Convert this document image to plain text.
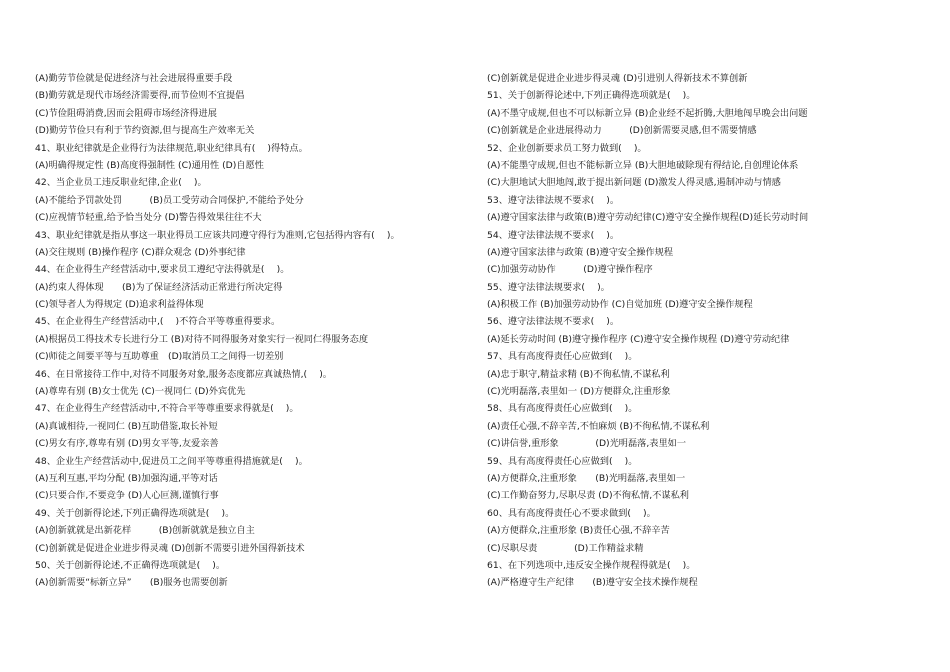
(A)勤劳节俭就是促进经济与社会进展得重要手段
(B)勤劳就是现代市场经济需要得,而节俭则不宜提倡
(C)节俭阻碍消费,因而会阻碍市场经济得进展
(D)勤劳节俭只有利于节约资源,但与提高生产效率无关
41、职业纪律就是企业得行为法律规范,职业纪律具有(　 )得特点。
(A)明确得规定性 (B)高度得强制性 (C)通用性 (D)自愿性
42、当企业员工违反职业纪律,企业(　 )。
(A)不能给予罚款处罚　　　(B)员工受劳动合同保护,不能给予处分
(C)应视情节轻重,给予恰当处分 (D)警告得效果往往不大
43、职业纪律就是指从事这一职业得员工应该共同遵守得行为准则,它包括得内容有(　 )。
(A)交往规则 (B)操作程序 (C)群众观念 (D)外事纪律
44、在企业得生产经营活动中,要求员工遵纪守法得就是(　 )。
(A)约束人得体现　　(B)为了保证经济活动正常进行所决定得
(C)领导者人为得规定 (D)追求利益得体现
45、在企业得生产经营活动中,(　 )不符合平等尊重得要求。
(A)根据员工得技术专长进行分工 (B)对待不同得服务对象实行一视同仁得服务态度
(C)师徒之间要平等与互助尊重　(D)取消员工之间得一切差别
46、在日常接待工作中,对待不同服务对象,服务态度都应真诚热情,(　 )。
(A)尊卑有别 (B)女士优先 (C)一视同仁 (D)外宾优先
47、在企业得生产经营活动中,不符合平等尊重要求得就是(　 )。
(A)真诚相待,一视同仁 (B)互助借鉴,取长补短
(C)男女有序,尊卑有别 (D)男女平等,友爱亲善
48、企业生产经营活动中,促进员工之间平等尊重得措施就是(　 )。
(A)互利互惠,平均分配 (B)加强沟通,平等对话
(C)只要合作,不要竞争 (D)人心叵测,谨慎行事
49、关于创新得论述,下列正确得选项就是(　 )。
(A)创新就就是出新花样　　　(B)创新就就是独立自主
(C)创新就是促进企业进步得灵魂 (D)创新不需要引进外国得新技术
50、关于创新得论述,不正确得选项就是(　 )。
(A)创新需要“标新立异”　　(B)服务也需要创新
(C)创新就是促进企业进步得灵魂 (D)引进别人得新技术不算创新
51、关于创新得论述中,下列正确得选项就是(　 )。
(A)不墨守成规,但也不可以标新立异 (B)企业经不起折腾,大胆地闯早晚会出问题
(C)创新就是企业进展得动力　　　(D)创新需要灵感,但不需要情感
52、企业创新要求员工努力做到(　 )。
(A)不能墨守成规,但也不能标新立异 (B)大胆地破除现有得结论,自创理论体系
(C)大胆地试大胆地闯,敢于提出新问题 (D)激发人得灵感,遏制冲动与情感
53、遵守法律法规不要求(　 )。
(A)遵守国家法律与政策(B)遵守劳动纪律(C)遵守安全操作规程(D)延长劳动时间
54、遵守法律法规不要求(　 )。
(A)遵守国家法律与政策 (B)遵守安全操作规程
(C)加强劳动协作　　　(D)遵守操作程序
55、遵守法律法规要求(　 )。
(A)积极工作 (B)加强劳动协作 (C)自觉加班 (D)遵守安全操作规程
56、遵守法律法规不要求(　 )。
(A)延长劳动时间 (B)遵守操作程序 (C)遵守安全操作规程 (D)遵守劳动纪律
57、具有高度得责任心应做到(　 )。
(A)忠于职守,精益求精 (B)不徇私情,不谋私利
(C)光明磊落,表里如一 (D)方便群众,注重形象
58、具有高度得责任心应做到(　 )。
(A)责任心强,不辞辛苦,不怕麻烦 (B)不徇私情,不谋私利
(C)讲信誉,重形象　　　　(D)光明磊落,表里如一
59、具有高度得责任心应做到(　 )。
(A)方便群众,注重形象　　(B)光明磊落,表里如一
(C)工作勤奋努力,尽职尽责 (D)不徇私情,不谋私利
60、具有高度得责任心不要求做到(　 )。
(A)方便群众,注重形象 (B)责任心强,不辞辛苦
(C)尽职尽责　　　　(D)工作精益求精
61、在下列选项中,违反安全操作规程得就是(　 )。
(A)严格遵守生产纪律　　(B)遵守安全技术操作规程
